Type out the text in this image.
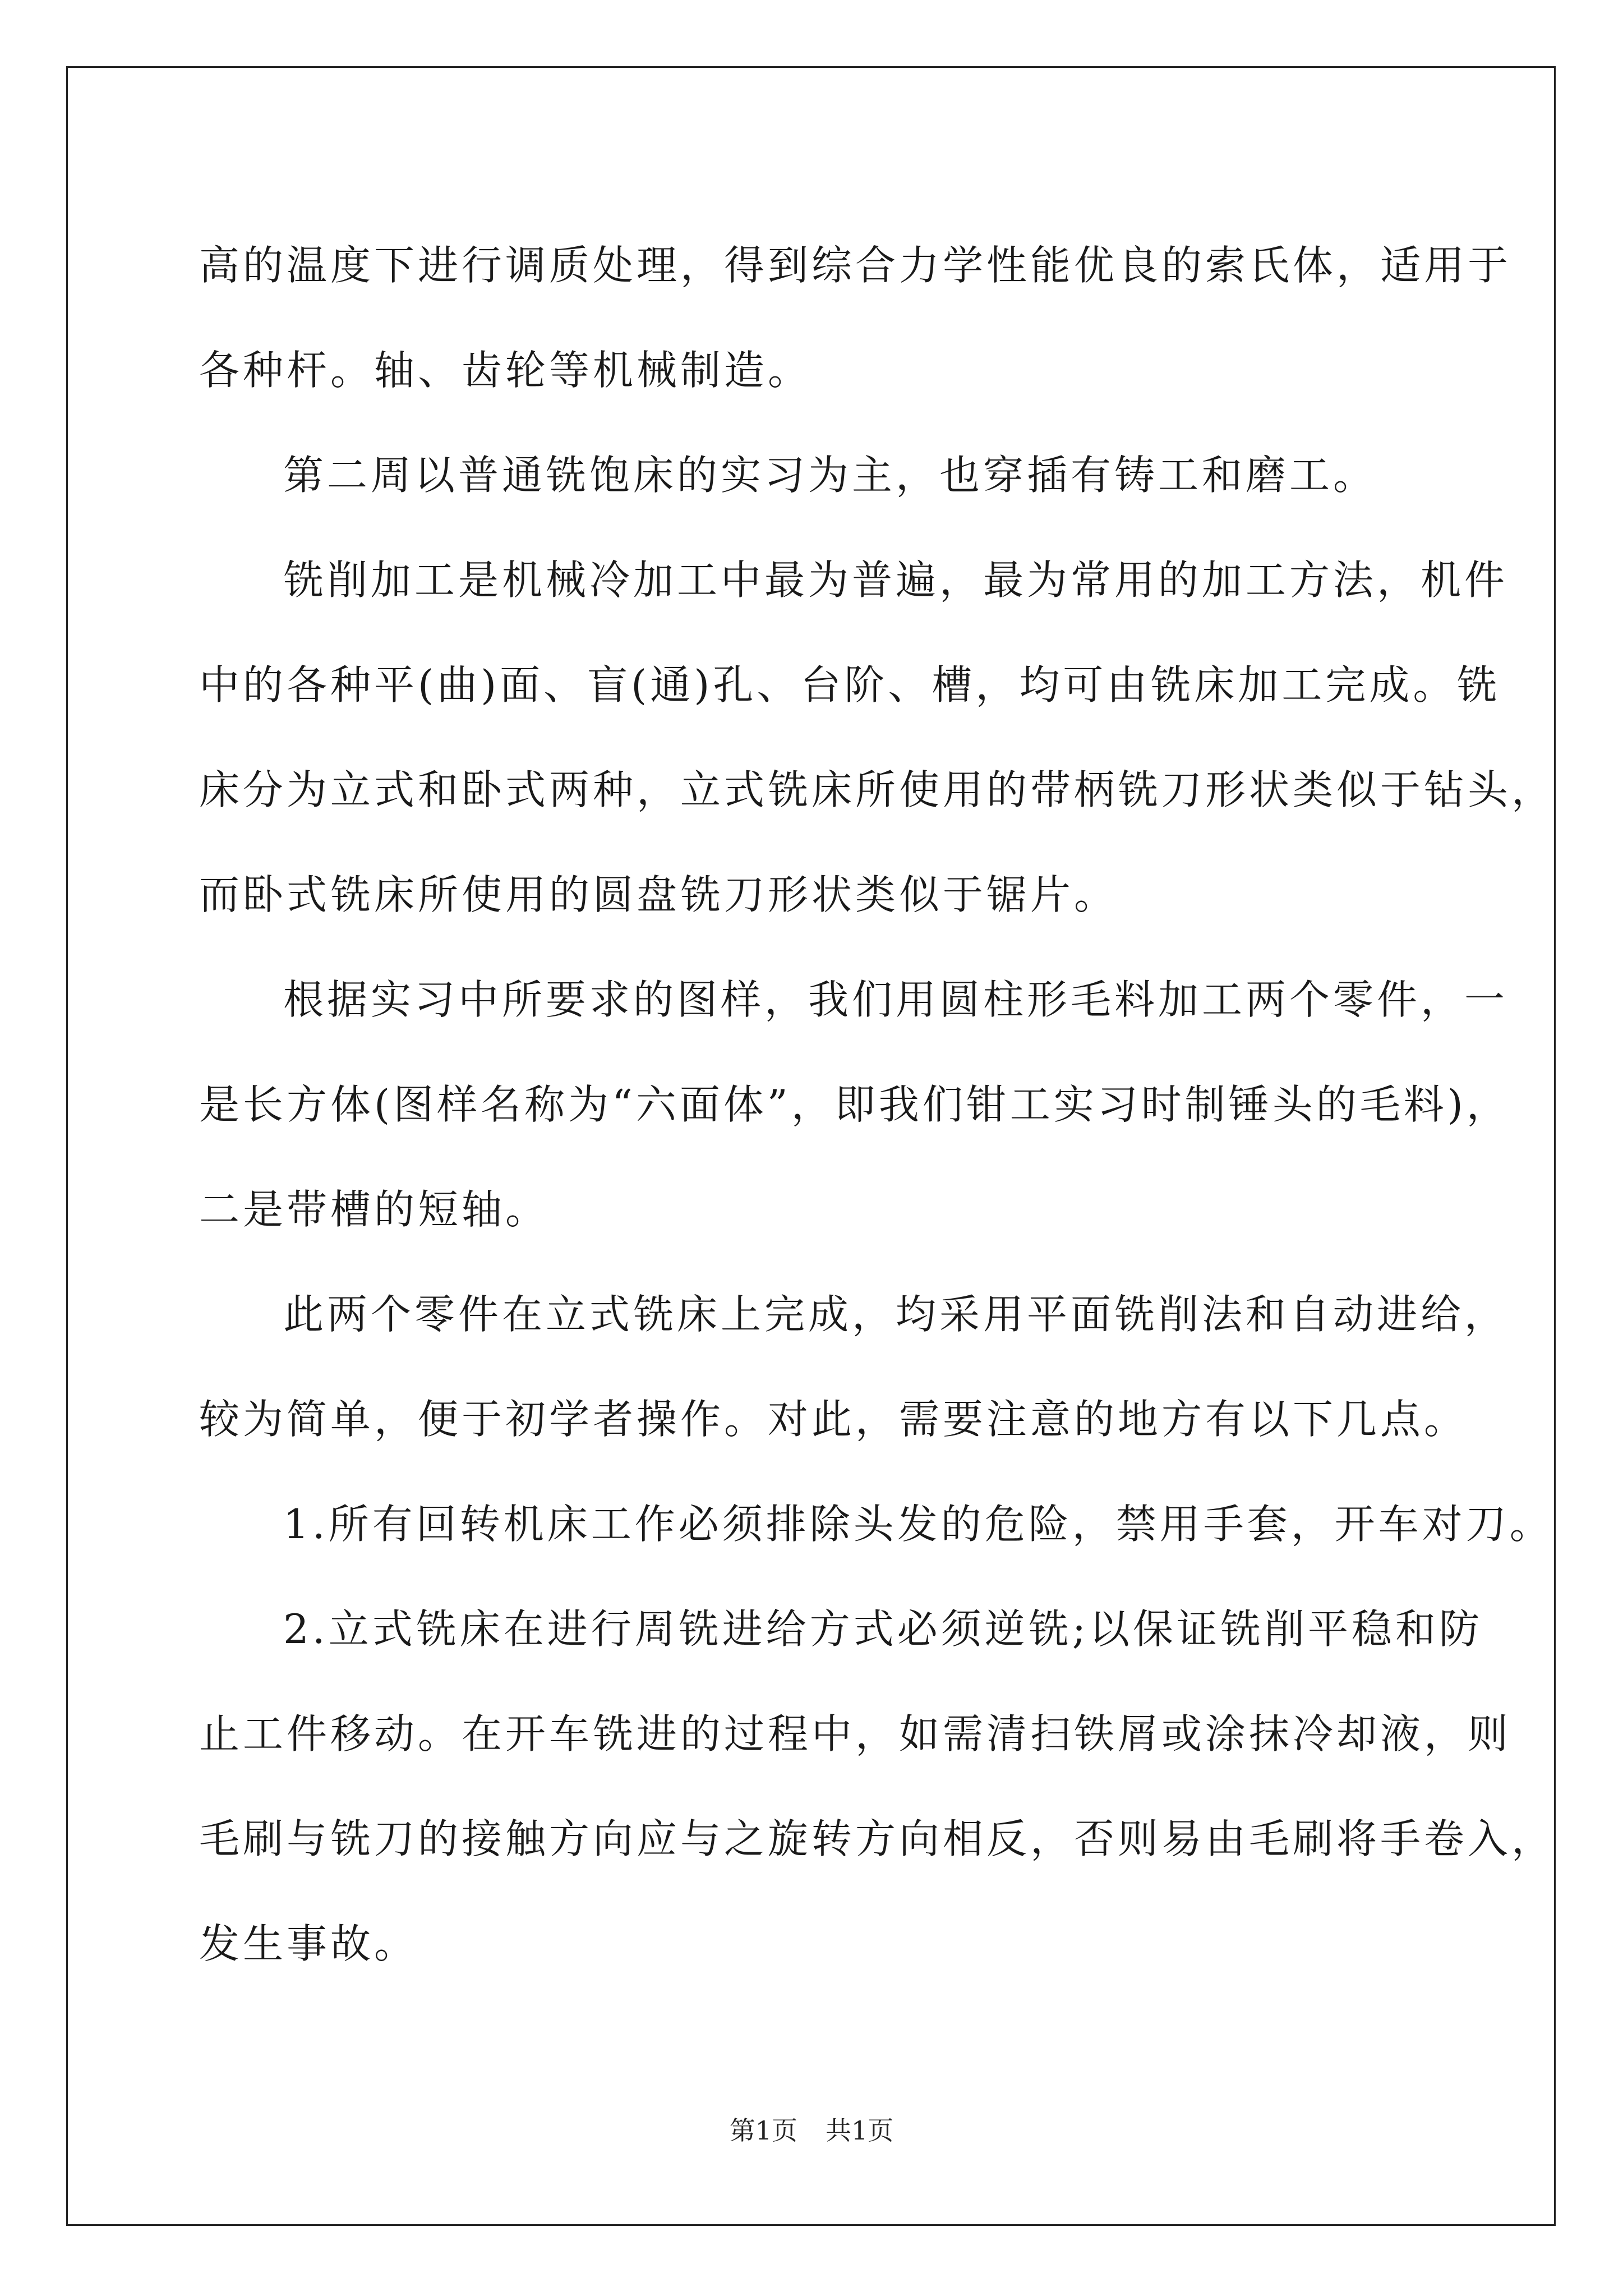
高的温度下进行调质处理，得到综合力学性能优良的索氏体，适用于
各种杆。轴、齿轮等机械制造。
第二周以普通铣饱床的实习为主，也穿插有铸工和磨工。
铣削加工是机械冷加工中最为普遍，最为常用的加工方法，机件
中的各种平(曲)面、盲(通)孔、台阶、槽，均可由铣床加工完成。铣
床分为立式和卧式两种，立式铣床所使用的带柄铣刀形状类似于钻头，
而卧式铣床所使用的圆盘铣刀形状类似于锯片。
根据实习中所要求的图样，我们用圆柱形毛料加工两个零件，一
是长方体(图样名称为“六面体”，即我们钳工实习时制锤头的毛料)，
二是带槽的短轴。
此两个零件在立式铣床上完成，均采用平面铣削法和自动进给，
较为简单，便于初学者操作。对此，需要注意的地方有以下几点。
1.所有回转机床工作必须排除头发的危险，禁用手套，开车对刀。
2.立式铣床在进行周铣进给方式必须逆铣;以保证铣削平稳和防
止工件移动。在开车铣进的过程中，如需清扫铁屑或涂抹冷却液，则
毛刷与铣刀的接触方向应与之旋转方向相反，否则易由毛刷将手卷入，
发生事故。
第1页 共1页
